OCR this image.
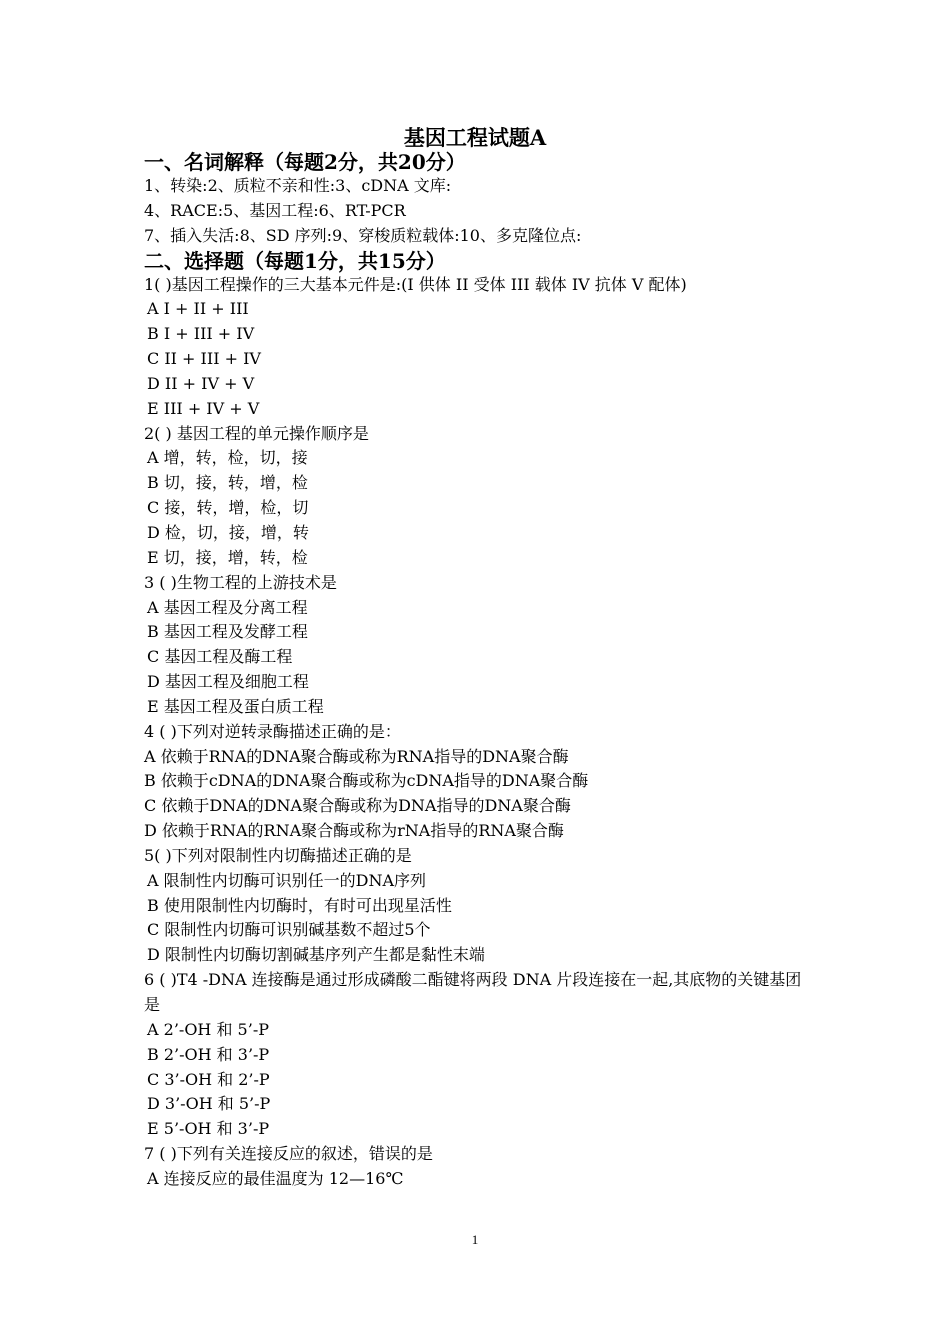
基因工程试题A
一、名词解释（每题2分，共20分）
1、转染:2、质粒不亲和性:3、cDNA 文库:
4、RACE:5、基因工程:6、RT-PCR
7、插入失活:8、SD 序列:9、穿梭质粒载体:10、多克隆位点:
二、选择题（每题1分，共15分）
1( )基因工程操作的三大基本元件是:(I 供体 II 受体 III 载体 IV 抗体 V 配体)
A I + II + III
B I + III + IV
C II + III + IV
D II + IV + V
E III + IV + V
2( ) 基因工程的单元操作顺序是
A 增，转，检，切，接
B 切，接，转，增，检
C 接，转，增，检，切
D 检，切，接，增，转
E 切，接，增，转，检
3 ( )生物工程的上游技术是
A 基因工程及分离工程
B 基因工程及发酵工程
C 基因工程及酶工程
D 基因工程及细胞工程
E 基因工程及蛋白质工程
4 ( )下列对逆转录酶描述正确的是：
A 依赖于RNA的DNA聚合酶或称为RNA指导的DNA聚合酶
B 依赖于cDNA的DNA聚合酶或称为cDNA指导的DNA聚合酶
C 依赖于DNA的DNA聚合酶或称为DNA指导的DNA聚合酶
D 依赖于RNA的RNA聚合酶或称为rNA指导的RNA聚合酶
5( )下列对限制性内切酶描述正确的是
A 限制性内切酶可识别任一的DNA序列
B 使用限制性内切酶时，有时可出现星活性
C 限制性内切酶可识别碱基数不超过5个
D 限制性内切酶切割碱基序列产生都是黏性末端
6 ( )T4 -DNA 连接酶是通过形成磷酸二酯键将两段 DNA 片段连接在一起,其底物的关键基团是
A 2’-OH 和 5’-P
B 2’-OH 和 3’-P
C 3’-OH 和 2’-P
D 3’-OH 和 5’-P
E 5’-OH 和 3’-P
7 ( )下列有关连接反应的叙述，错误的是
A 连接反应的最佳温度为 12—16℃
1
